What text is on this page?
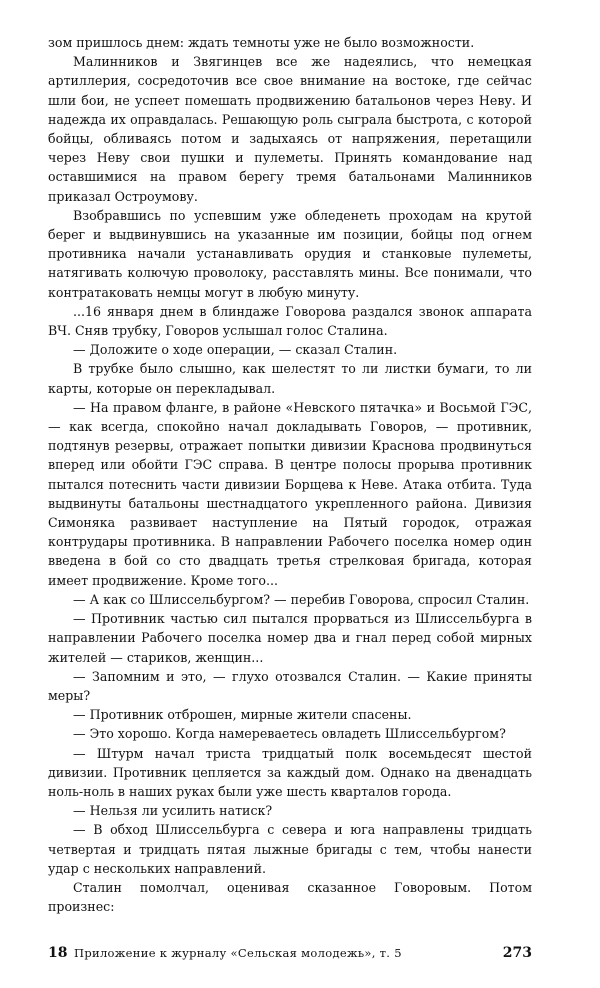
зом пришлось днем: ждать темноты уже не было возможности.

Малинников и Звягинцев все же надеялись, что немецкая артиллерия, сосредоточив все свое внимание на востоке, где сейчас шли бои, не успеет помешать продвижению батальонов через Неву. И надежда их оправдалась. Решающую роль сыграла быстрота, с которой бойцы, обливаясь потом и задыхаясь от напряжения, перетащили через Неву свои пушки и пулеметы. Принять командование над оставшимися на правом берегу тремя батальонами Малинников приказал Остроумову.

Взобравшись по успевшим уже обледенеть проходам на крутой берег и выдвинувшись на указанные им позиции, бойцы под огнем противника начали устанавливать орудия и станковые пулеметы, натягивать колючую проволоку, расставлять мины. Все понимали, что контратаковать немцы могут в любую минуту.

...16 января днем в блиндаже Говорова раздался звонок аппарата ВЧ. Сняв трубку, Говоров услышал голос Сталина.

— Доложите о ходе операции, — сказал Сталин.

В трубке было слышно, как шелестят то ли листки бумаги, то ли карты, которые он перекладывал.

— На правом фланге, в районе «Невского пятачка» и Восьмой ГЭС, — как всегда, спокойно начал докладывать Говоров, — противник, подтянув резервы, отражает попытки дивизии Краснова продвинуться вперед или обойти ГЭС справа. В центре полосы прорыва противник пытался потеснить части дивизии Борщева к Неве. Атака отбита. Туда выдвинуты батальоны шестнадцатого укрепленного района. Дивизия Симоняка развивает наступление на Пятый городок, отражая контрудары противника. В направлении Рабочего поселка номер один введена в бой со сто двадцать третья стрелковая бригада, которая имеет продвижение. Кроме того...

— А как со Шлиссельбургом? — перебив Говорова, спросил Сталин.

— Противник частью сил пытался прорваться из Шлиссельбурга в направлении Рабочего поселка номер два и гнал перед собой мирных жителей — стариков, женщин...

— Запомним и это, — глухо отозвался Сталин. — Какие приняты меры?

— Противник отброшен, мирные жители спасены.

— Это хорошо. Когда намереваетесь овладеть Шлиссельбургом?

— Штурм начал триста тридцатый полк восемьдесят шестой дивизии. Противник цепляется за каждый дом. Однако на двенадцать ноль-ноль в наших руках были уже шесть кварталов города.

— Нельзя ли усилить натиск?

— В обход Шлиссельбурга с севера и юга направлены тридцать четвертая и тридцать пятая лыжные бригады с тем, чтобы нанести удар с нескольких направлений.

Сталин помолчал, оценивая сказанное Говоровым. Потом произнес:

18 Приложение к журналу «Сельская молодежь», т. 5	273
